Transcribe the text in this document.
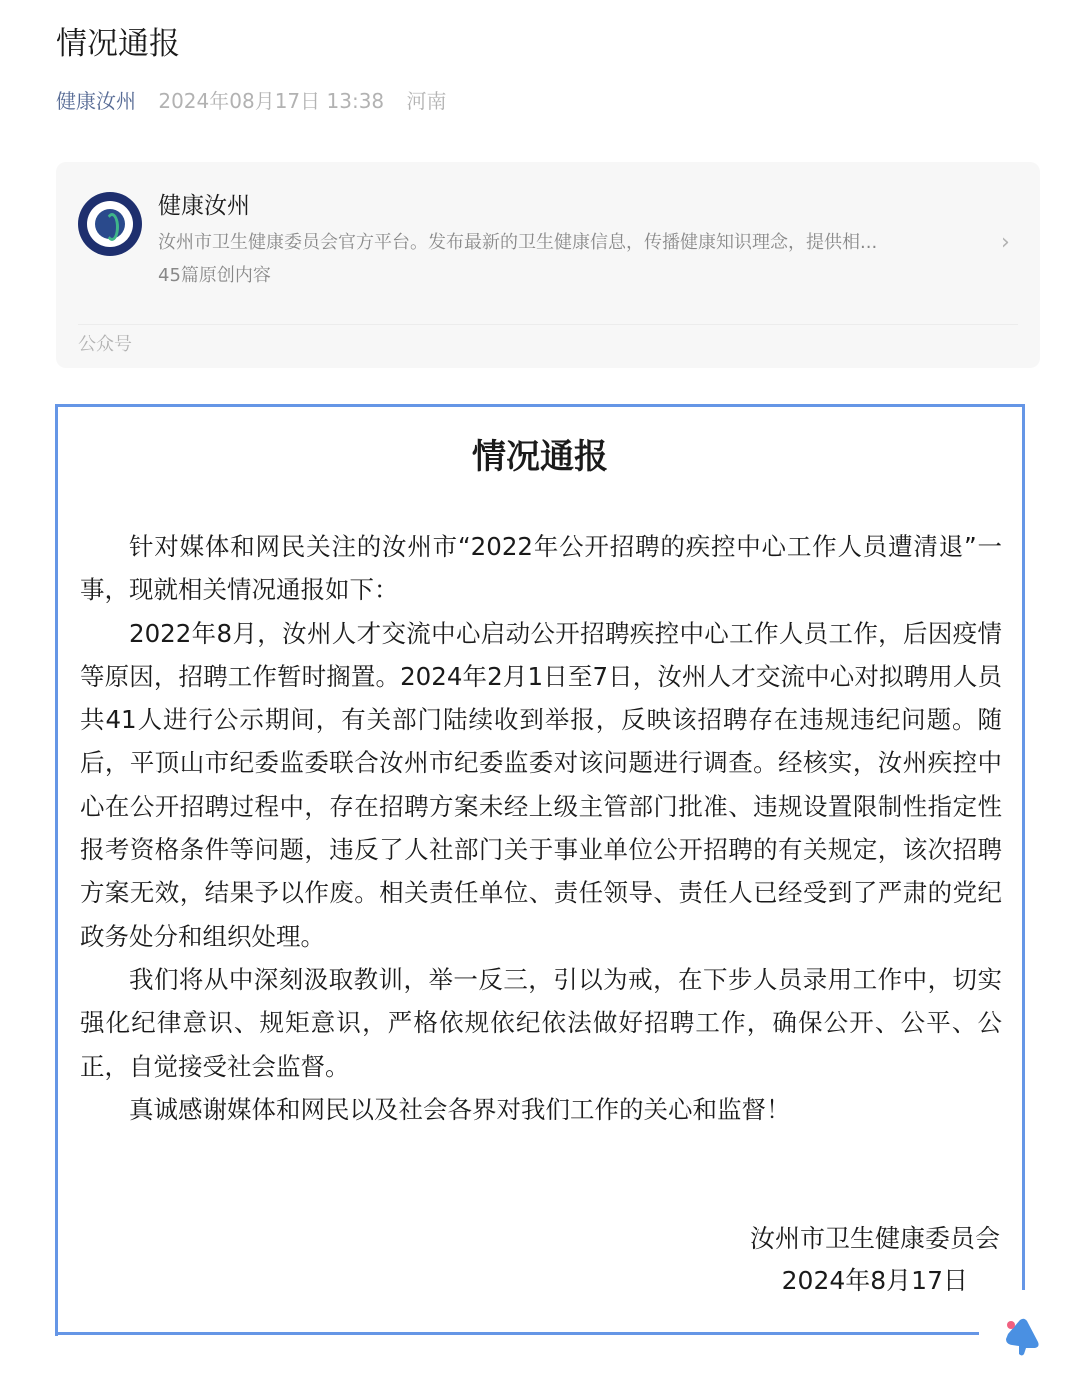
情况通报
健康汝州 2024年08月17日 13:38 河南
健康汝州
汝州市卫生健康委员会官方平台。发布最新的卫生健康信息，传播健康知识理念，提供相...
45篇原创内容
›
公众号
情况通报

针对媒体和网民关注的汝州市“2022年公开招聘的疾控中心工作人员遭清退”一事，现就相关情况通报如下：

2022年8月，汝州人才交流中心启动公开招聘疾控中心工作人员工作，后因疫情等原因，招聘工作暂时搁置。2024年2月1日至7日，汝州人才交流中心对拟聘用人员共41人进行公示期间，有关部门陆续收到举报，反映该招聘存在违规违纪问题。随后，平顶山市纪委监委联合汝州市纪委监委对该问题进行调查。经核实，汝州疾控中心在公开招聘过程中，存在招聘方案未经上级主管部门批准、违规设置限制性指定性报考资格条件等问题，违反了人社部门关于事业单位公开招聘的有关规定，该次招聘方案无效，结果予以作废。相关责任单位、责任领导、责任人已经受到了严肃的党纪政务处分和组织处理。

我们将从中深刻汲取教训，举一反三，引以为戒，在下步人员录用工作中，切实强化纪律意识、规矩意识，严格依规依纪依法做好招聘工作，确保公开、公平、公正，自觉接受社会监督。

真诚感谢媒体和网民以及社会各界对我们工作的关心和监督！

汝州市卫生健康委员会
2024年8月17日
